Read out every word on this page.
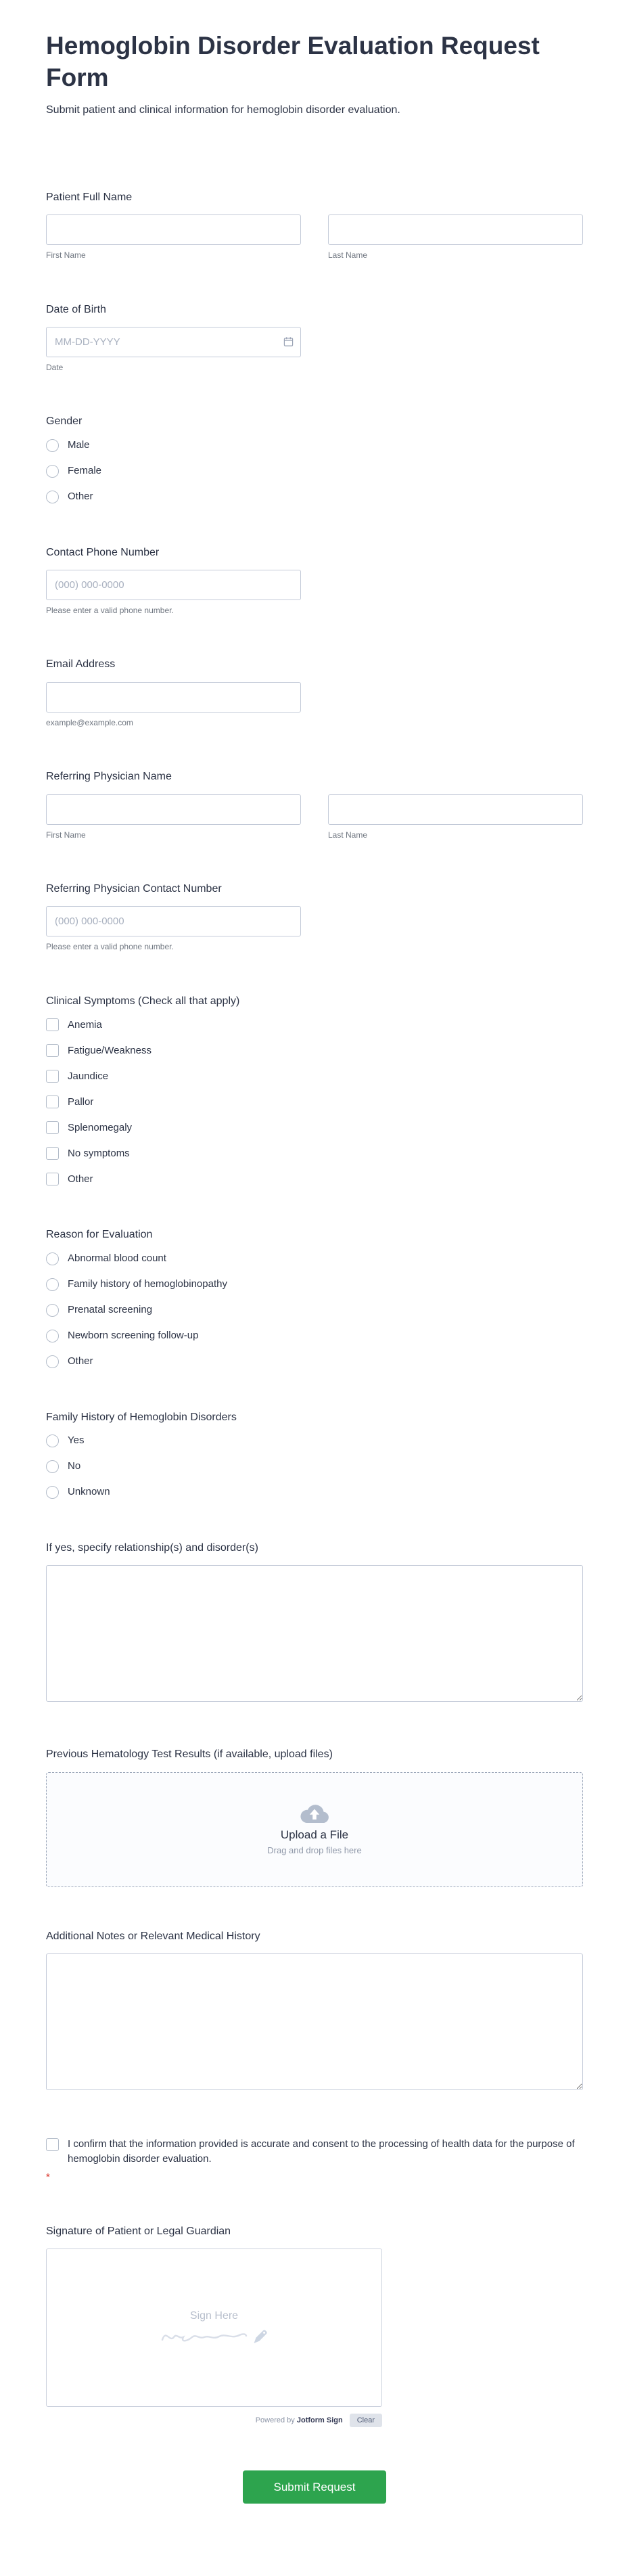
Hemoglobin Disorder Evaluation Request Form

Submit patient and clinical information for hemoglobin disorder evaluation.

Patient Full Name
First Name	Last Name
Date of Birth
MM-DD-YYYY
Date
Gender
Male
Female
Other
Contact Phone Number
(000) 000-0000
Please enter a valid phone number.
Email Address
example@example.com
Referring Physician Name
First Name	Last Name
Referring Physician Contact Number
(000) 000-0000
Please enter a valid phone number.
Clinical Symptoms (Check all that apply)
Anemia
Fatigue/Weakness
Jaundice
Pallor
Splenomegaly
No symptoms
Other
Reason for Evaluation
Abnormal blood count
Family history of hemoglobinopathy
Prenatal screening
Newborn screening follow-up
Other
Family History of Hemoglobin Disorders
Yes
No
Unknown
If yes, specify relationship(s) and disorder(s)
Previous Hematology Test Results (if available, upload files)
Upload a File
Drag and drop files here
Additional Notes or Relevant Medical History
I confirm that the information provided is accurate and consent to the processing of health data for the purpose of hemoglobin disorder evaluation.
*
Signature of Patient or Legal Guardian
Sign Here
Powered by Jotform Sign	Clear
Submit Request
